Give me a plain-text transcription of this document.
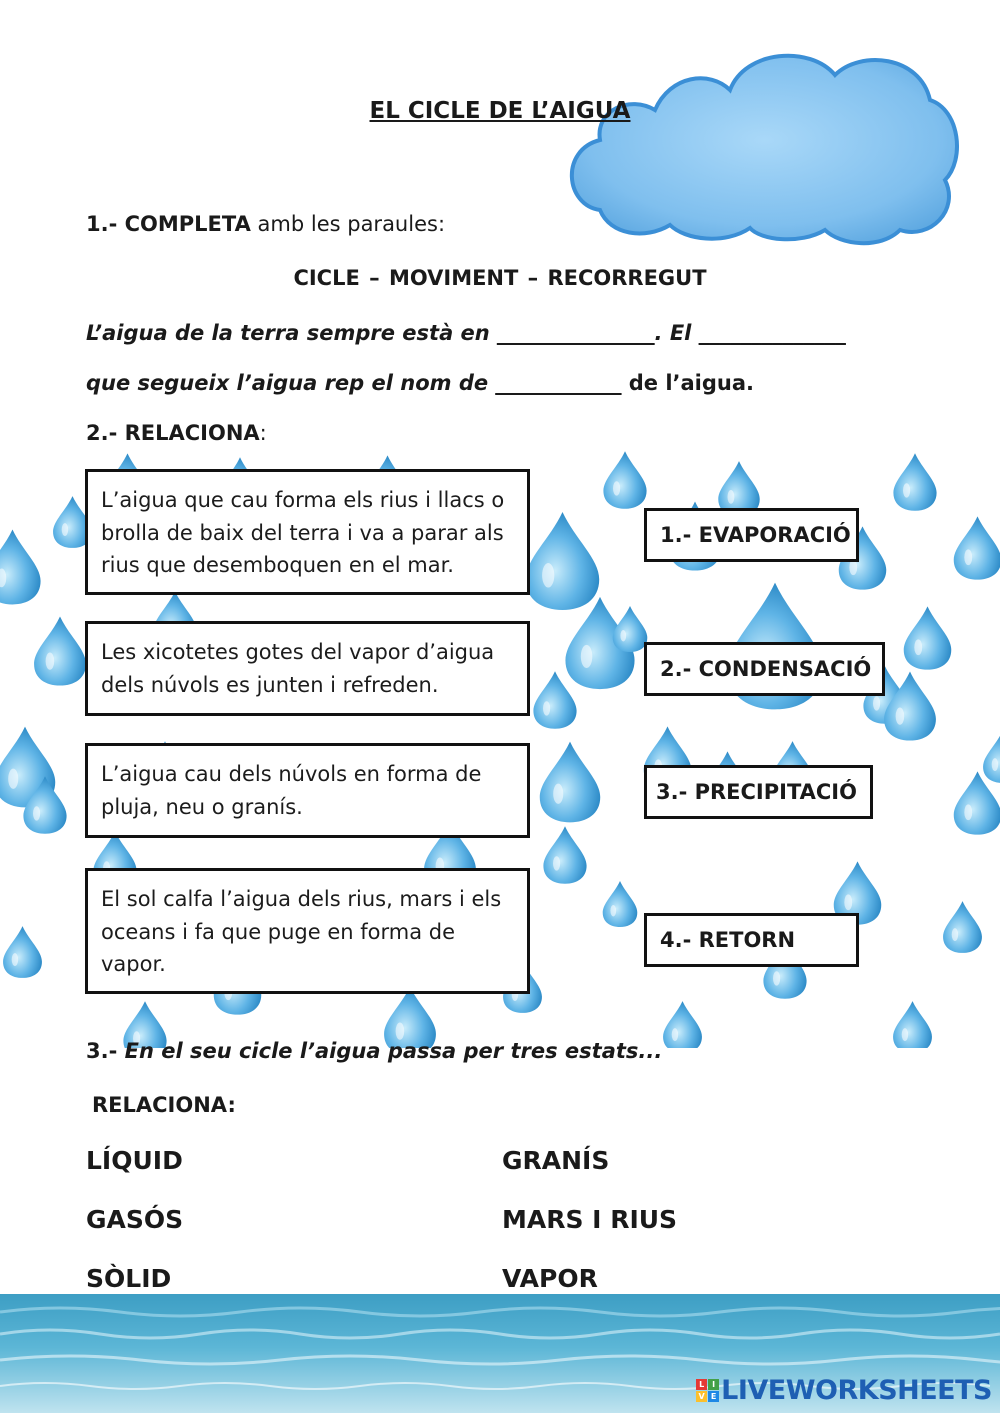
EL CICLE DE L’AIGUA
1.- COMPLETA amb les paraules:
CICLE – MOVIMENT – RECORREGUT
L’aigua de la terra sempre està en _______________. El ______________
que segueix l’aigua rep el nom de ____________ de l’aigua.
2.- RELACIONA:
L’aigua que cau forma els rius i llacs o brolla de baix del terra i va a parar als rius que desemboquen en el mar.
Les xicotetes gotes del vapor d’aigua dels núvols es junten i refreden.
L’aigua cau dels núvols en forma de pluja, neu o granís.
El sol calfa l’aigua dels rius, mars i els oceans i fa que puge en forma de vapor.
1.- EVAPORACIÓ
2.- CONDENSACIÓ
3.- PRECIPITACIÓ
4.- RETORN
3.- En el seu cicle l’aigua passa per tres estats...
RELACIONA:
LÍQUID
GASÓS
SÒLID
GRANÍS
MARS I RIUS
VAPOR
L I
V E LIVEWORKSHEETS
